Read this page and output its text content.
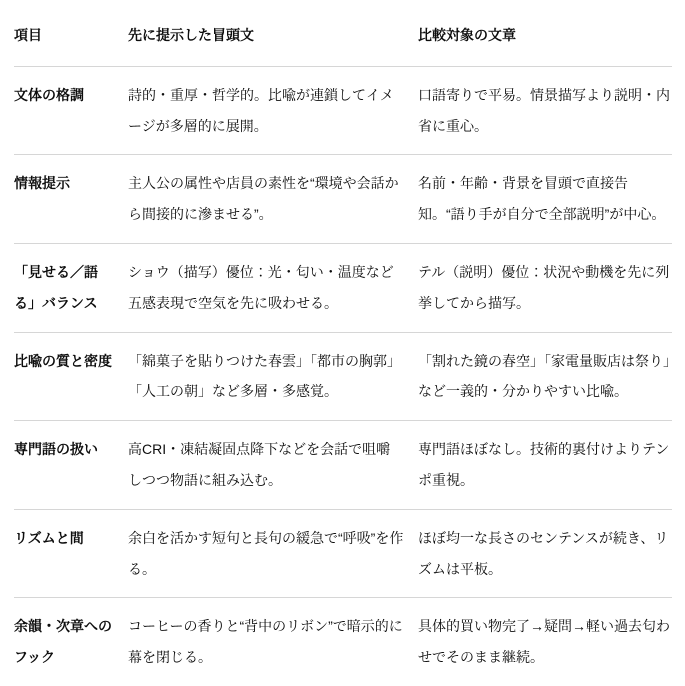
項目	先に提示した冒頭文	比較対象の文章
文体の格調	詩的・重厚・哲学的。比喩が連鎖してイメージが多層的に展開。	口語寄りで平易。情景描写より説明・内省に重心。
情報提示	主人公の属性や店員の素性を“環境や会話から間接的に滲ませる”。	名前・年齢・背景を冒頭で直接告知。“語り手が自分で全部説明”が中心。
「見せる／語る」バランス	ショウ（描写）優位：光・匂い・温度など五感表現で空気を先に吸わせる。	テル（説明）優位：状況や動機を先に列挙してから描写。
比喩の質と密度	「綿菓子を貼りつけた春雲」「都市の胸郭」「人工の朝」など多層・多感覚。	「割れた鏡の春空」「家電量販店は祭り」など一義的・分かりやすい比喩。
専門語の扱い	高CRI・凍結凝固点降下などを会話で咀嚼しつつ物語に組み込む。	専門語ほぼなし。技術的裏付けよりテンポ重視。
リズムと間	余白を活かす短句と長句の緩急で“呼吸”を作る。	ほぼ均一な長さのセンテンスが続き、リズムは平板。
余韻・次章へのフック	コーヒーの香りと“背中のリボン”で暗示的に幕を閉じる。	具体的買い物完了→疑問→軽い過去匂わせでそのまま継続。
